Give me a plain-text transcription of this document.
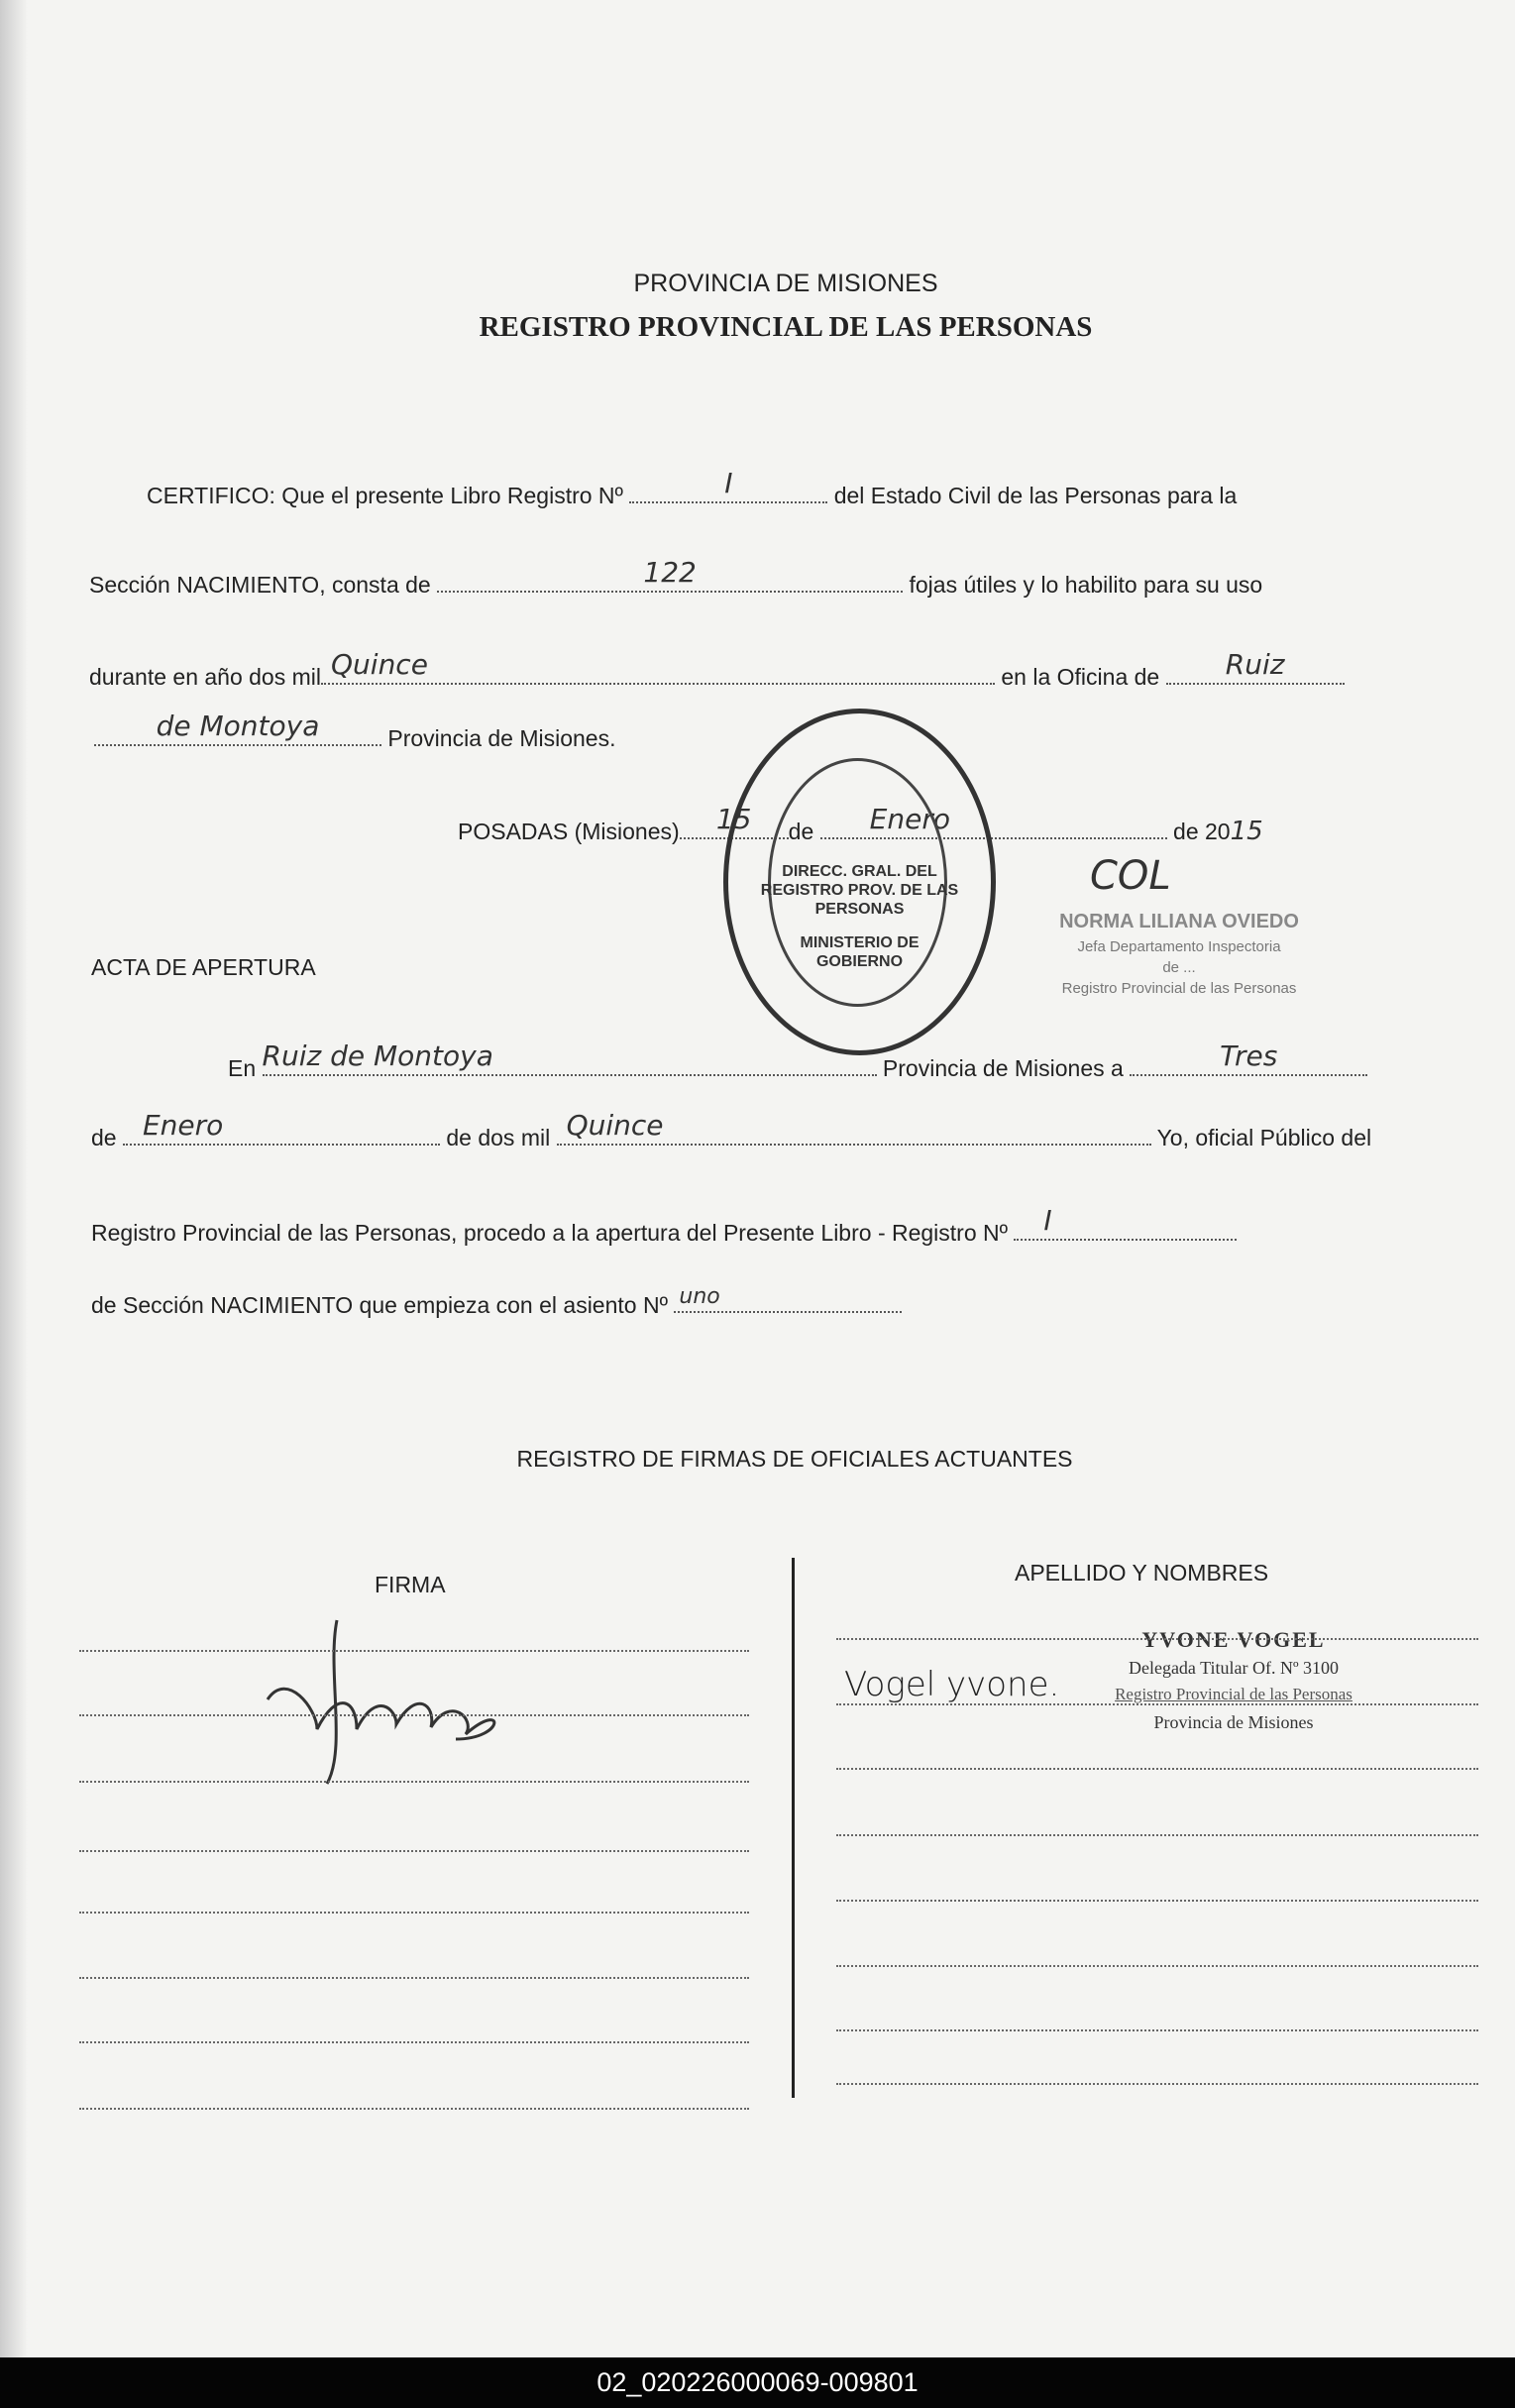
PROVINCIA DE MISIONES
REGISTRO PROVINCIAL DE LAS PERSONAS
CERTIFICO: Que el presente Libro Registro Nº	I	del Estado Civil de las Personas para la
Sección NACIMIENTO, consta de	122	fojas útiles y lo habilito para su uso
durante en año dos mil Quince	en la Oficina de	Ruiz
de Montoya	Provincia de Misiones.
POSADAS (Misiones)	15	de Enero	de 2015
DIRECC. GRAL. DEL REGISTRO PROV. DE LAS PERSONAS
MINISTERIO DE GOBIERNO
COL
NORMA LILIANA OVIEDO
Jefa Departamento Inspectoria
de ...
Registro Provincial de las Personas
ACTA DE APERTURA
En Ruiz de Montoya	Provincia de Misiones a	Tres
de Enero	de dos mil Quince	Yo, oficial Público del
Registro Provincial de las Personas, procedo a la apertura del Presente Libro - Registro Nº I
de Sección NACIMIENTO que empieza con el asiento Nº uno
REGISTRO DE FIRMAS DE OFICIALES ACTUANTES
FIRMA	APELLIDO Y NOMBRES
Vogel yvone.
YVONE VOGEL
Delegada Titular Of. Nº 3100
Registro Provincial de las Personas
Provincia de Misiones
02_020226000069-009801
